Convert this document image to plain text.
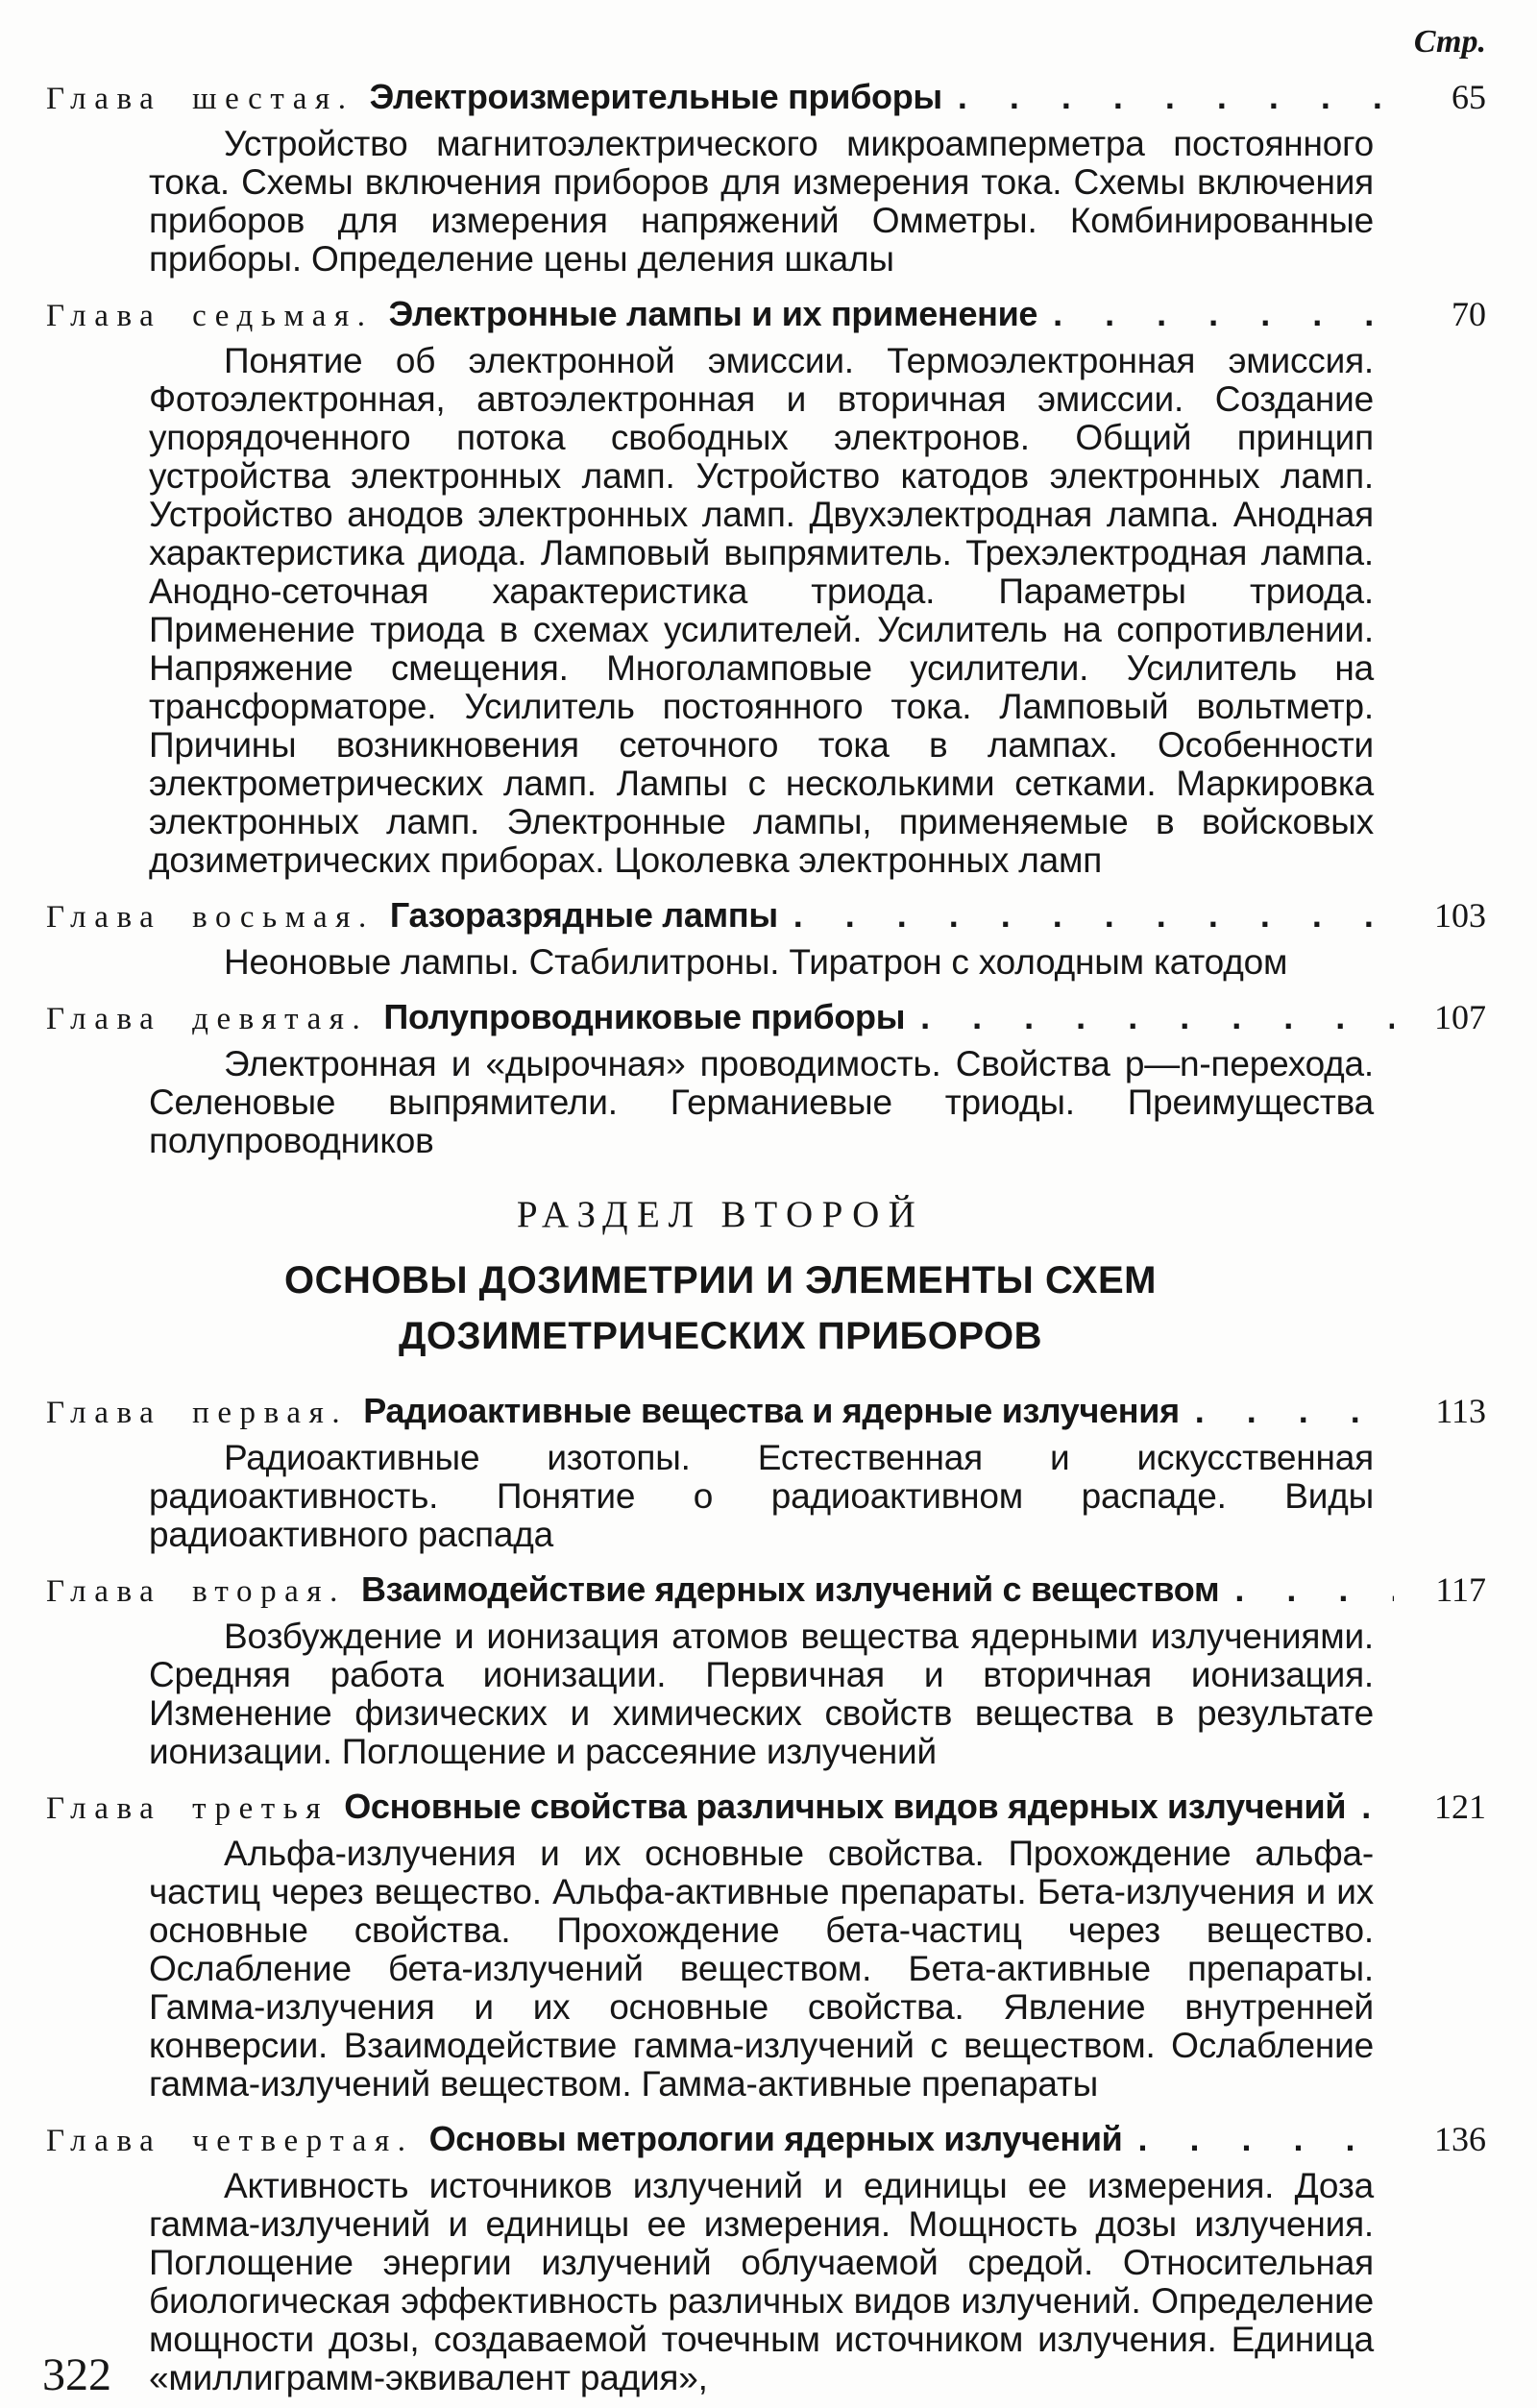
Стр.
Глава шестая. Электроизмерительные приборы . . .	65

Устройство магнитоэлектрического микроамперметра постоянного тока. Схемы включения приборов для измерения тока. Схемы включения приборов для измерения напряжений Омметры. Комбинированные приборы. Определение цены деления шкалы

Глава седьмая. Электронные лампы и их применение . . .	70

Понятие об электронной эмиссии. Термоэлектронная эмиссия. Фотоэлектронная, автоэлектронная и вторичная эмиссии. Создание упорядоченного потока свободных электронов. Общий принцип устройства электронных ламп. Устройство катодов электронных ламп. Устройство анодов электронных ламп. Двухэлектродная лампа. Анодная характеристика диода. Ламповый выпрямитель. Трехэлектродная лампа. Анодно-сеточная характеристика триода. Параметры триода. Применение триода в схемах усилителей. Усилитель на сопротивлении. Напряжение смещения. Многоламповые усилители. Усилитель на трансформаторе. Усилитель постоянного тока. Ламповый вольтметр. Причины возникновения сеточного тока в лампах. Особенности электрометрических ламп. Лампы с несколькими сетками. Маркировка электронных ламп. Электронные лампы, применяемые в войсковых дозиметрических приборах. Цоколевка электронных ламп

Глава восьмая. Газоразрядные лампы . . .	103

Неоновые лампы. Стабилитроны. Тиратрон с холодным катодом

Глава девятая. Полупроводниковые приборы . . .	107

Электронная и «дырочная» проводимость. Свойства p—n-перехода. Селеновые выпрямители. Германиевые триоды. Преимущества полупроводников

РАЗДЕЛ ВТОРОЙ
ОСНОВЫ ДОЗИМЕТРИИ И ЭЛЕМЕНТЫ СХЕМ
ДОЗИМЕТРИЧЕСКИХ ПРИБОРОВ
Глава первая. Радиоактивные вещества и ядерные излучения . . .	113

Радиоактивные изотопы. Естественная и искусственная радиоактивность. Понятие о радиоактивном распаде. Виды радиоактивного распада

Глава вторая. Взаимодействие ядерных излучений с веществом . . .	117

Возбуждение и ионизация атомов вещества ядерными излучениями. Средняя работа ионизации. Первичная и вторичная ионизация. Изменение физических и химических свойств вещества в результате ионизации. Поглощение и рассеяние излучений

Глава третья Основные свойства различных видов ядерных излучений . . .	121

Альфа-излучения и их основные свойства. Прохождение альфа-частиц через вещество. Альфа-активные препараты. Бета-излучения и их основные свойства. Прохождение бета-частиц через вещество. Ослабление бета-излучений веществом. Бета-активные препараты. Гамма-излучения и их основные свойства. Явление внутренней конверсии. Взаимодействие гамма-излучений с веществом. Ослабление гамма-излучений веществом. Гамма-активные препараты

Глава четвертая. Основы метрологии ядерных излучений . . .	136

Активность источников излучений и единицы ее измерения. Доза гамма-излучений и единицы ее измерения. Мощность дозы излучения. Поглощение энергии излучений облучаемой средой. Относительная биологическая эффективность различных видов излучений. Определение мощности дозы, создаваемой точечным источником излучения. Единица «миллиграмм-эквивалент радия»,

322
